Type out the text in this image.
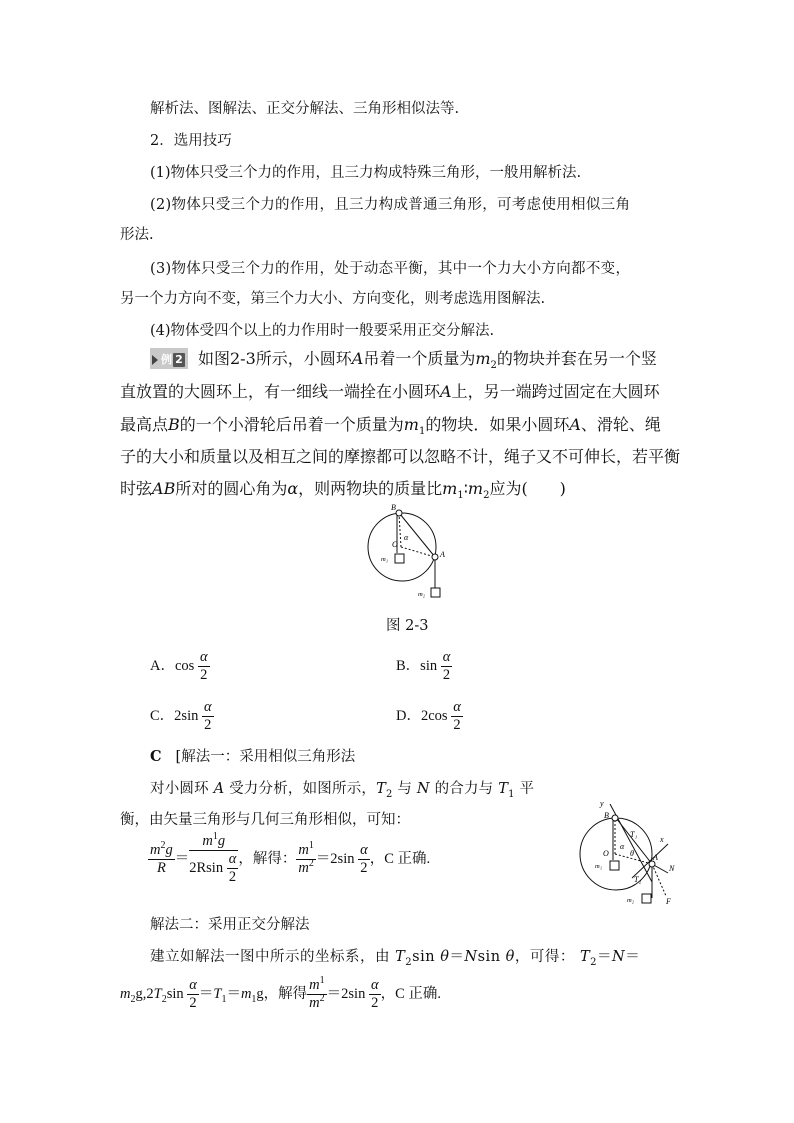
解析法、图解法、正交分解法、三角形相似法等.
2．选用技巧
(1)物体只受三个力的作用，且三力构成特殊三角形，一般用解析法.
(2)物体只受三个力的作用，且三力构成普通三角形，可考虑使用相似三角
形法.
(3)物体只受三个力的作用，处于动态平衡，其中一个力大小方向都不变，
另一个力方向不变，第三个力大小、方向变化，则考虑选用图解法.
(4)物体受四个以上的力作用时一般要采用正交分解法.
例 2 如图2-3所示，小圆环A吊着一个质量为$m_2$的物块并套在另一个竖
直放置的大圆环上，有一细线一端拴在小圆环A上，另一端跨过固定在大圆环
最高点B的一个小滑轮后吊着一个质量为$m_1$的物块．如果小圆环A、滑轮、绳
子的大小和质量以及相互之间的摩擦都可以忽略不计，绳子又不可伸长，若平衡
时弦AB所对的圆心角为α，则两物块的质量比$m_1∶m_2$应为(　　)
B
O
α
A
m₁
m₂
图 2-3
A．$\cos \frac{\alpha}{2}$	B．$\sin \frac{\alpha}{2}$
C．$2\sin \frac{\alpha}{2}$	D．$2\cos \frac{\alpha}{2}$
C [解法一：采用相似三角形法
对小圆环 A 受力分析，如图所示，$T_2$ 与 N 的合力与 $T_1$ 平
衡，由矢量三角形与几何三角形相似，可知：
$\frac{m^2g}{R} = \frac{m^1g}{2Rsin \frac{\alpha}{2}}$ ，解得： $\frac{m^1}{m^2} =2\sin \frac{\alpha}{2}$ ，C 正确.
y
B
T₁
α
θ
x
O	A
N
T₂
m₁
m₂	F
解法二：采用正交分解法
建立如解法一图中所示的坐标系，由 $T_2\sin$ θ＝Nsin θ，可得： $T_2=N=$
$m_2g,2T_2\sin \frac{\alpha}{2} =T_1=m_1g$，解得 $\frac{m^1}{m^2} =2\sin \frac{\alpha}{2}$ ，C 正确.
